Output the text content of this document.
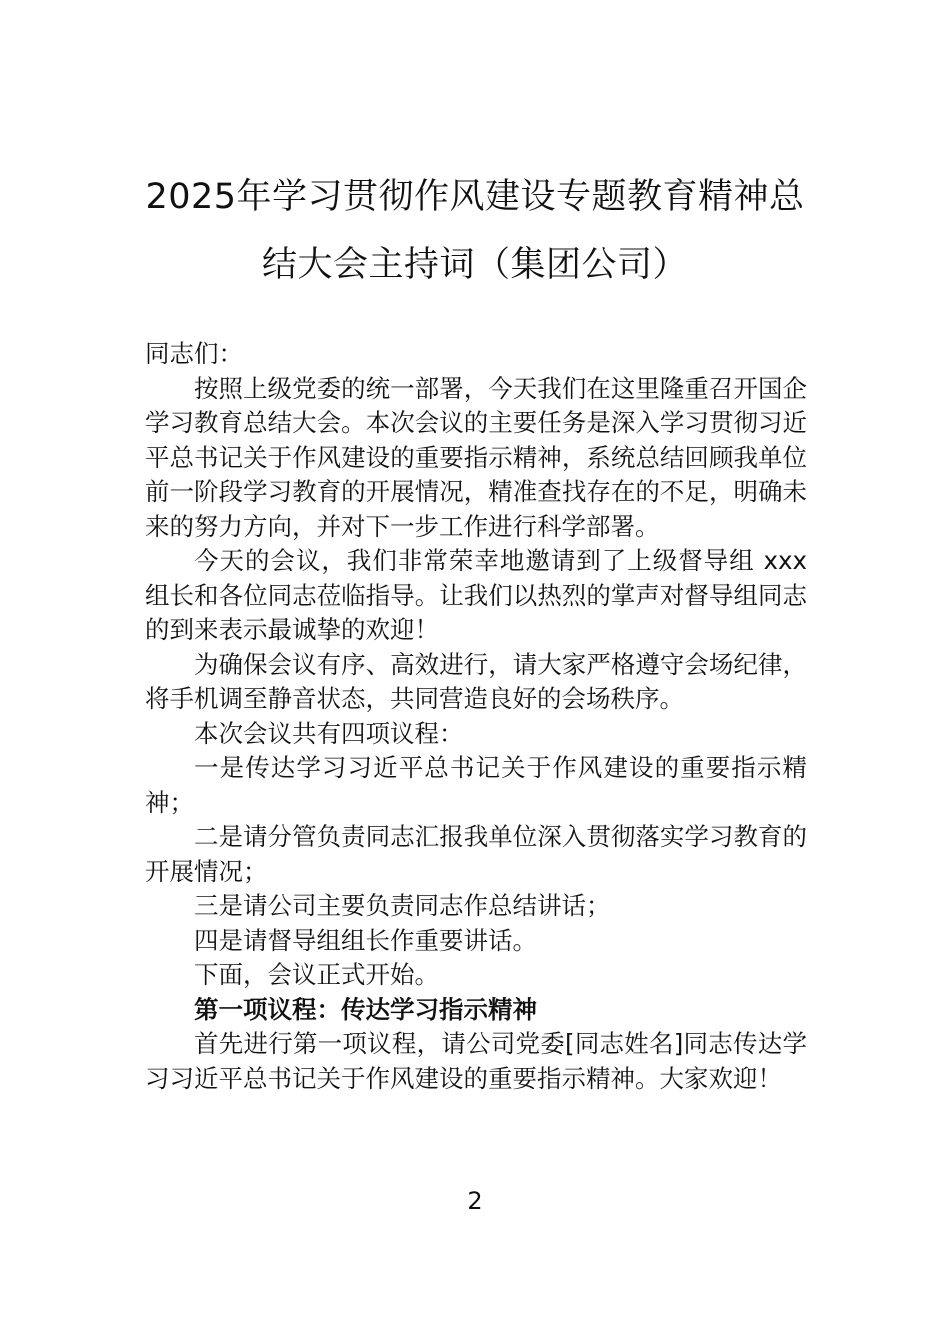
2025年学习贯彻作风建设专题教育精神总
结大会主持词（集团公司）

同志们：

按照上级党委的统一部署，今天我们在这里隆重召开国企学习教育总结大会。本次会议的主要任务是深入学习贯彻习近平总书记关于作风建设的重要指示精神，系统总结回顾我单位前一阶段学习教育的开展情况，精准查找存在的不足，明确未来的努力方向，并对下一步工作进行科学部署。

今天的会议，我们非常荣幸地邀请到了上级督导组 xxx 组长和各位同志莅临指导。让我们以热烈的掌声对督导组同志的到来表示最诚挚的欢迎！

为确保会议有序、高效进行，请大家严格遵守会场纪律，将手机调至静音状态，共同营造良好的会场秩序。

本次会议共有四项议程：

一是传达学习习近平总书记关于作风建设的重要指示精神；

二是请分管负责同志汇报我单位深入贯彻落实学习教育的开展情况；

三是请公司主要负责同志作总结讲话；

四是请督导组组长作重要讲话。

下面，会议正式开始。

第一项议程：传达学习指示精神

首先进行第一项议程，请公司党委[同志姓名]同志传达学习习近平总书记关于作风建设的重要指示精神。大家欢迎！

2
